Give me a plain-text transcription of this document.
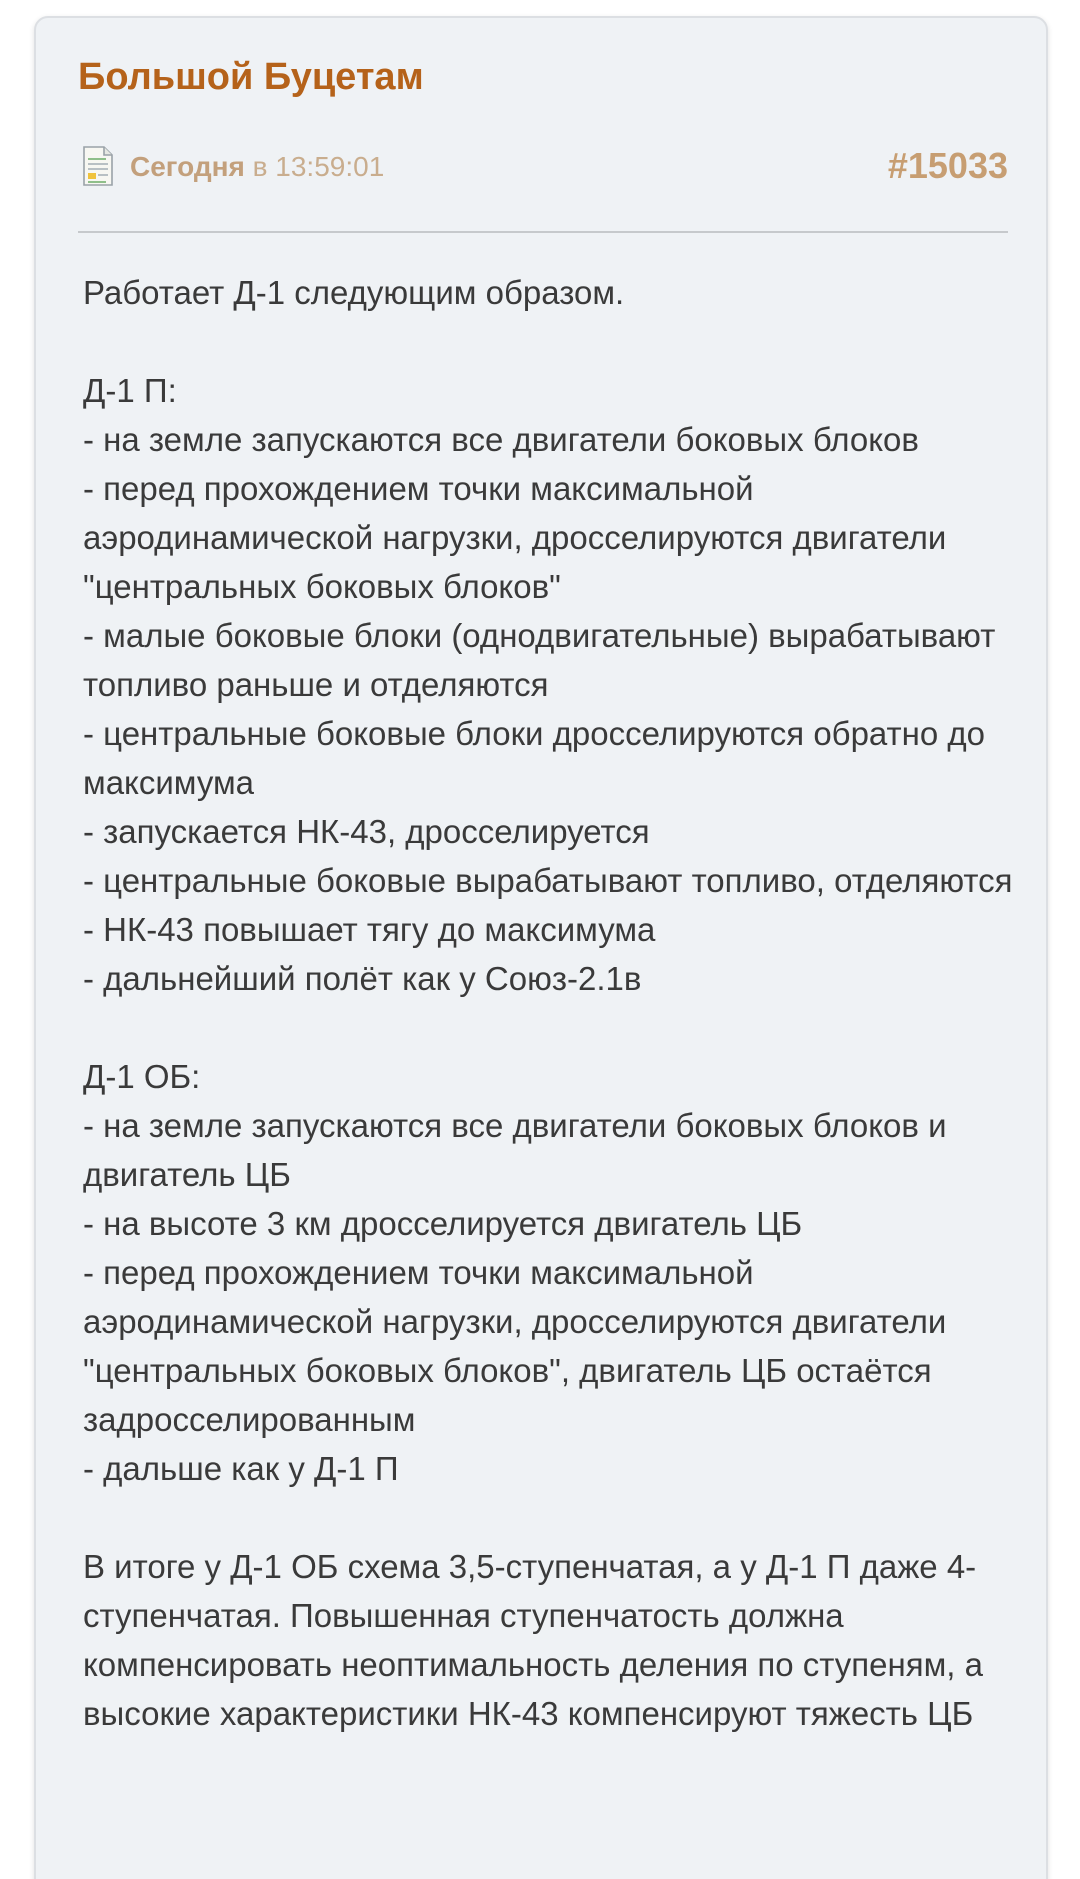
Большой Буцетам
Сегодня в 13:59:01	#15033

Работает Д-1 следующим образом.

Д-1 П:
- на земле запускаются все двигатели боковых блоков
- перед прохождением точки максимальной аэродинамической нагрузки, дросселируются двигатели "центральных боковых блоков"
- малые боковые блоки (однодвигательные) вырабатывают топливо раньше и отделяются
- центральные боковые блоки дросселируются обратно до максимума
- запускается НК-43, дросселируется
- центральные боковые вырабатывают топливо, отделяются
- НК-43 повышает тягу до максимума
- дальнейший полёт как у Союз-2.1в

Д-1 ОБ:
- на земле запускаются все двигатели боковых блоков и двигатель ЦБ
- на высоте 3 км дросселируется двигатель ЦБ
- перед прохождением точки максимальной аэродинамической нагрузки, дросселируются двигатели "центральных боковых блоков", двигатель ЦБ остаётся задросселированным
- дальше как у Д-1 П

В итоге у Д-1 ОБ схема 3,5-ступенчатая, а у Д-1 П даже 4-ступенчатая. Повышенная ступенчатость должна компенсировать неоптимальность деления по ступеням, а высокие характеристики НК-43 компенсируют тяжесть ЦБ
